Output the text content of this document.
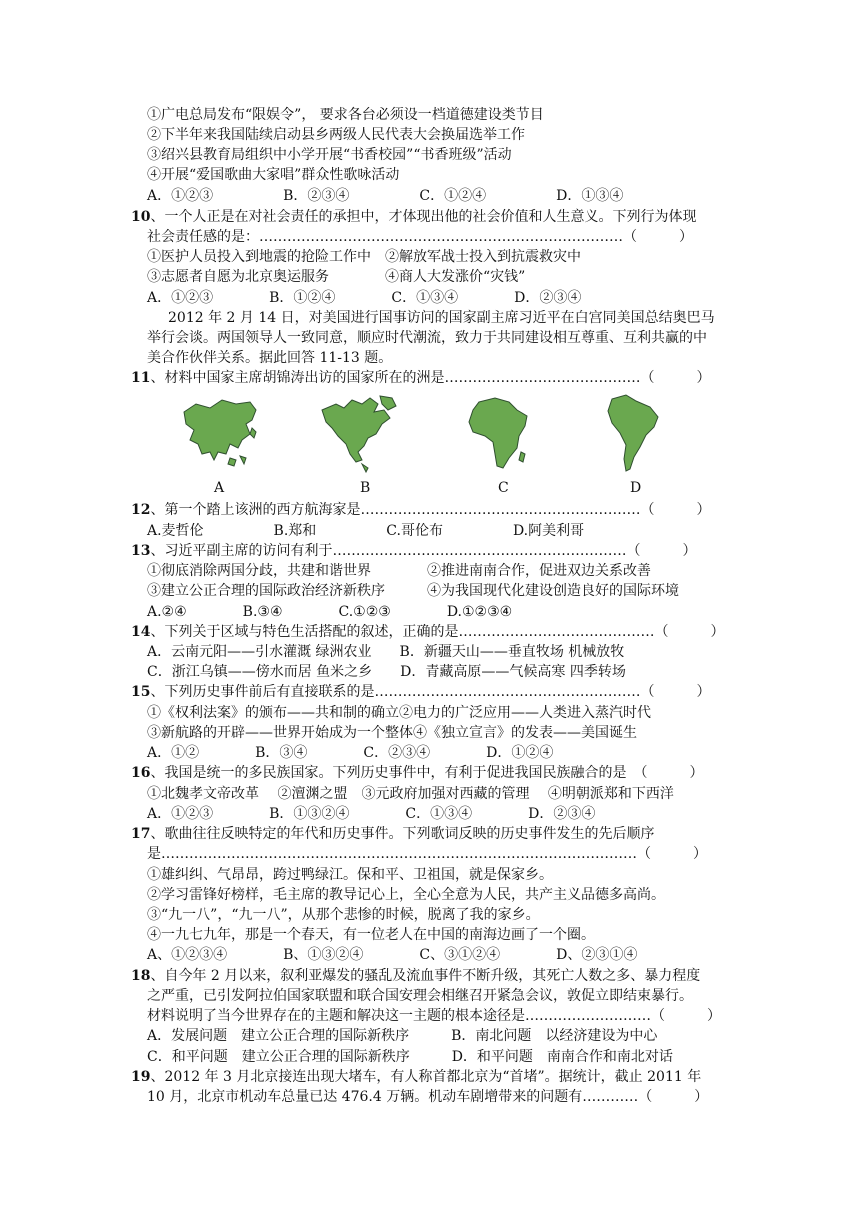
①广电总局发布“限娱令”， 要求各台必须设一档道德建设类节目
②下半年来我国陆续启动县乡两级人民代表大会换届选举工作
③绍兴县教育局组织中小学开展“书香校园”“书香班级”活动
④开展“爱国歌曲大家唱”群众性歌咏活动
A．①②③　　　　　B．②③④　　　　　C．①②④　　　　　D．①③④
10、一个人正是在对社会责任的承担中，才体现出他的社会价值和人生意义。下列行为体现
社会责任感的是：……………………………………………………………………（　　　）
①医护人员投入到地震的抢险工作中　②解放军战士投入到抗震救灾中
③志愿者自愿为北京奥运服务　　　　④商人大发涨价“灾钱”
A．①②③　　　　B．①②④　　　　C．①③④　　　　D．②③④
2012 年 2 月 14 日，对美国进行国事访问的国家副主席习近平在白宫同美国总结奥巴马
举行会谈。两国领导人一致同意，顺应时代潮流，致力于共同建设相互尊重、互利共赢的中
美合作伙伴关系。据此回答 11-13 题。
11、材料中国家主席胡锦涛出访的国家所在的洲是……………………………………（　　　）
A	B	C	D
12、第一个踏上该洲的西方航海家是……………………………………………………（　　　）
A.麦哲伦　　　　　B.郑和　　　　　C.哥伦布　　　　　D.阿美利哥
13、习近平副主席的访问有利于………………………………………………………（　　　）
①彻底消除两国分歧，共建和谐世界　　　　②推进南南合作，促进双边关系改善
③建立公正合理的国际政治经济新秩序　　　④为我国现代化建设创造良好的国际环境
A.②④　　　　B.③④　　　　C.①②③　　　　D.①②③④
14、下列关于区域与特色生活搭配的叙述，正确的是……………………………………（　　　）
A．云南元阳——引水灌溉 绿洲农业　　B．新疆天山——垂直牧场 机械放牧
C．浙江乌镇——傍水而居 鱼米之乡　　D．青藏高原——气候高寒 四季转场
15、下列历史事件前后有直接联系的是…………………………………………………（　　　）
①《权利法案》的颁布——共和制的确立②电力的广泛应用——人类进入蒸汽时代
③新航路的开辟——世界开始成为一个整体④《独立宣言》的发表——美国诞生
A．①②　　　　B．③④　　　　C．②③④　　　　D．①②④
16、我国是统一的多民族国家。下列历史事件中，有利于促进我国民族融合的是　（　　　）
①北魏孝文帝改革　 ②澶渊之盟　③元政府加强对西藏的管理　 ④明朝派郑和下西洋
A．①②③　　　　B．①③②④　　　　C．①③④　　　　D．②③④
17、歌曲往往反映特定的年代和历史事件。下列歌词反映的历史事件发生的先后顺序
是…………………………………………………………………………………………（　　　）
①雄纠纠、气昂昂，跨过鸭绿江。保和平、卫祖国，就是保家乡。
②学习雷锋好榜样，毛主席的教导记心上，全心全意为人民，共产主义品德多高尚。
③“九一八”，“九一八”，从那个悲惨的时候，脱离了我的家乡。
④一九七九年，那是一个春天，有一位老人在中国的南海边画了一个圈。
A、①②③④　　　　B、①③②④　　　　C、③①②④　　　　D、②③①④
18、自今年 2 月以来，叙利亚爆发的骚乱及流血事件不断升级，其死亡人数之多、暴力程度
之严重，已引发阿拉伯国家联盟和联合国安理会相继召开紧急会议，敦促立即结束暴行。
材料说明了当今世界存在的主题和解决这一主题的根本途径是………………………（　　　）
A．发展问题　建立公正合理的国际新秩序　　　B．南北问题　以经济建设为中心
C．和平问题　建立公正合理的国际新秩序　　　D．和平问题　南南合作和南北对话
19、2012 年 3 月北京接连出现大堵车，有人称首都北京为“首堵”。据统计，截止 2011 年
10 月，北京市机动车总量已达 476.4 万辆。机动车剧增带来的问题有…………（　　　）
